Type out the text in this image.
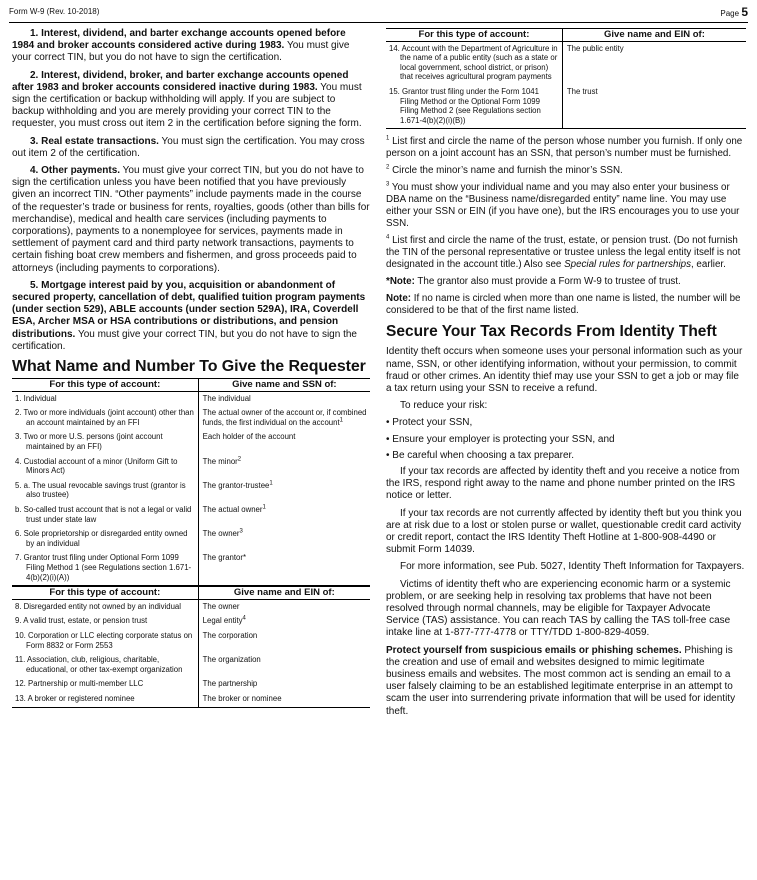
Form W-9 (Rev. 10-2018)	Page 5

1. Interest, dividend, and barter exchange accounts opened before 1984 and broker accounts considered active during 1983. You must give your correct TIN, but you do not have to sign the certification.

2. Interest, dividend, broker, and barter exchange accounts opened after 1983 and broker accounts considered inactive during 1983. You must sign the certification or backup withholding will apply. If you are subject to backup withholding and you are merely providing your correct TIN to the requester, you must cross out item 2 in the certification before signing the form.

3. Real estate transactions. You must sign the certification. You may cross out item 2 of the certification.

4. Other payments. You must give your correct TIN, but you do not have to sign the certification unless you have been notified that you have previously given an incorrect TIN. “Other payments” include payments made in the course of the requester’s trade or business for rents, royalties, goods (other than bills for merchandise), medical and health care services (including payments to corporations), payments to a nonemployee for services, payments made in settlement of payment card and third party network transactions, payments to certain fishing boat crew members and fishermen, and gross proceeds paid to attorneys (including payments to corporations).

5. Mortgage interest paid by you, acquisition or abandonment of secured property, cancellation of debt, qualified tuition program payments (under section 529), ABLE accounts (under section 529A), IRA, Coverdell ESA, Archer MSA or HSA contributions or distributions, and pension distributions. You must give your correct TIN, but you do not have to sign the certification.

What Name and Number To Give the Requester
For this type of account:	Give name and SSN of:

1. Individual	The individual

2. Two or more individuals (joint account) other than an account maintained by an FFI	The actual owner of the account or, if combined funds, the first individual on the account$^1$

3. Two or more U.S. persons (joint account maintained by an FFI)	Each holder of the account

4. Custodial account of a minor (Uniform Gift to Minors Act)	The minor$^2$

5. a. The usual revocable savings trust (grantor is also trustee)	The grantor-trustee$^1$

b. So-called trust account that is not a legal or valid trust under state law	The actual owner$^1$

6. Sole proprietorship or disregarded entity owned by an individual	The owner$^3$

7. Grantor trust filing under Optional Form 1099 Filing Method 1 (see Regulations section 1.671-4(b)(2)(i)(A))	The grantor*
For this type of account:	Give name and EIN of:

8. Disregarded entity not owned by an individual	The owner

9. A valid trust, estate, or pension trust	Legal entity$^4$

10. Corporation or LLC electing corporate status on Form 8832 or Form 2553	The corporation

11. Association, club, religious, charitable, educational, or other tax-exempt organization	The organization

12. Partnership or multi-member LLC	The partnership

13. A broker or registered nominee	The broker or nominee
For this type of account:	Give name and EIN of:

14. Account with the Department of Agriculture in the name of a public entity (such as a state or local government, school district, or prison) that receives agricultural program payments	The public entity

15. Grantor trust filing under the Form 1041 Filing Method or the Optional Form 1099 Filing Method 2 (see Regulations section 1.671-4(b)(2)(i)(B))	The trust

$^1$ List first and circle the name of the person whose number you furnish. If only one person on a joint account has an SSN, that person’s number must be furnished.

$^2$ Circle the minor’s name and furnish the minor’s SSN.

$^3$ You must show your individual name and you may also enter your business or DBA name on the “Business name/disregarded entity” name line. You may use either your SSN or EIN (if you have one), but the IRS encourages you to use your SSN.

$^4$ List first and circle the name of the trust, estate, or pension trust. (Do not furnish the TIN of the personal representative or trustee unless the legal entity itself is not designated in the account title.) Also see Special rules for partnerships, earlier.

*Note: The grantor also must provide a Form W-9 to trustee of trust.

Note: If no name is circled when more than one name is listed, the number will be considered to be that of the first name listed.

Secure Your Tax Records From Identity Theft

Identity theft occurs when someone uses your personal information such as your name, SSN, or other identifying information, without your permission, to commit fraud or other crimes. An identity thief may use your SSN to get a job or may file a tax return using your SSN to receive a refund.

To reduce your risk:

• Protect your SSN,

• Ensure your employer is protecting your SSN, and

• Be careful when choosing a tax preparer.

If your tax records are affected by identity theft and you receive a notice from the IRS, respond right away to the name and phone number printed on the IRS notice or letter.

If your tax records are not currently affected by identity theft but you think you are at risk due to a lost or stolen purse or wallet, questionable credit card activity or credit report, contact the IRS Identity Theft Hotline at 1-800-908-4490 or submit Form 14039.

For more information, see Pub. 5027, Identity Theft Information for Taxpayers.

Victims of identity theft who are experiencing economic harm or a systemic problem, or are seeking help in resolving tax problems that have not been resolved through normal channels, may be eligible for Taxpayer Advocate Service (TAS) assistance. You can reach TAS by calling the TAS toll-free case intake line at 1-877-777-4778 or TTY/TDD 1-800-829-4059.

Protect yourself from suspicious emails or phishing schemes. Phishing is the creation and use of email and websites designed to mimic legitimate business emails and websites. The most common act is sending an email to a user falsely claiming to be an established legitimate enterprise in an attempt to scam the user into surrendering private information that will be used for identity theft.
